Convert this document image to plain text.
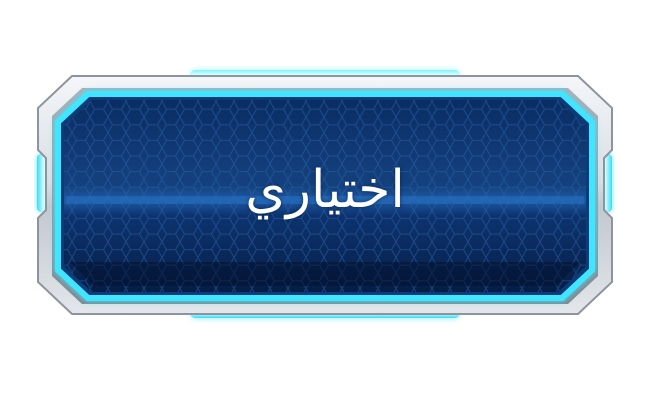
اختياري
